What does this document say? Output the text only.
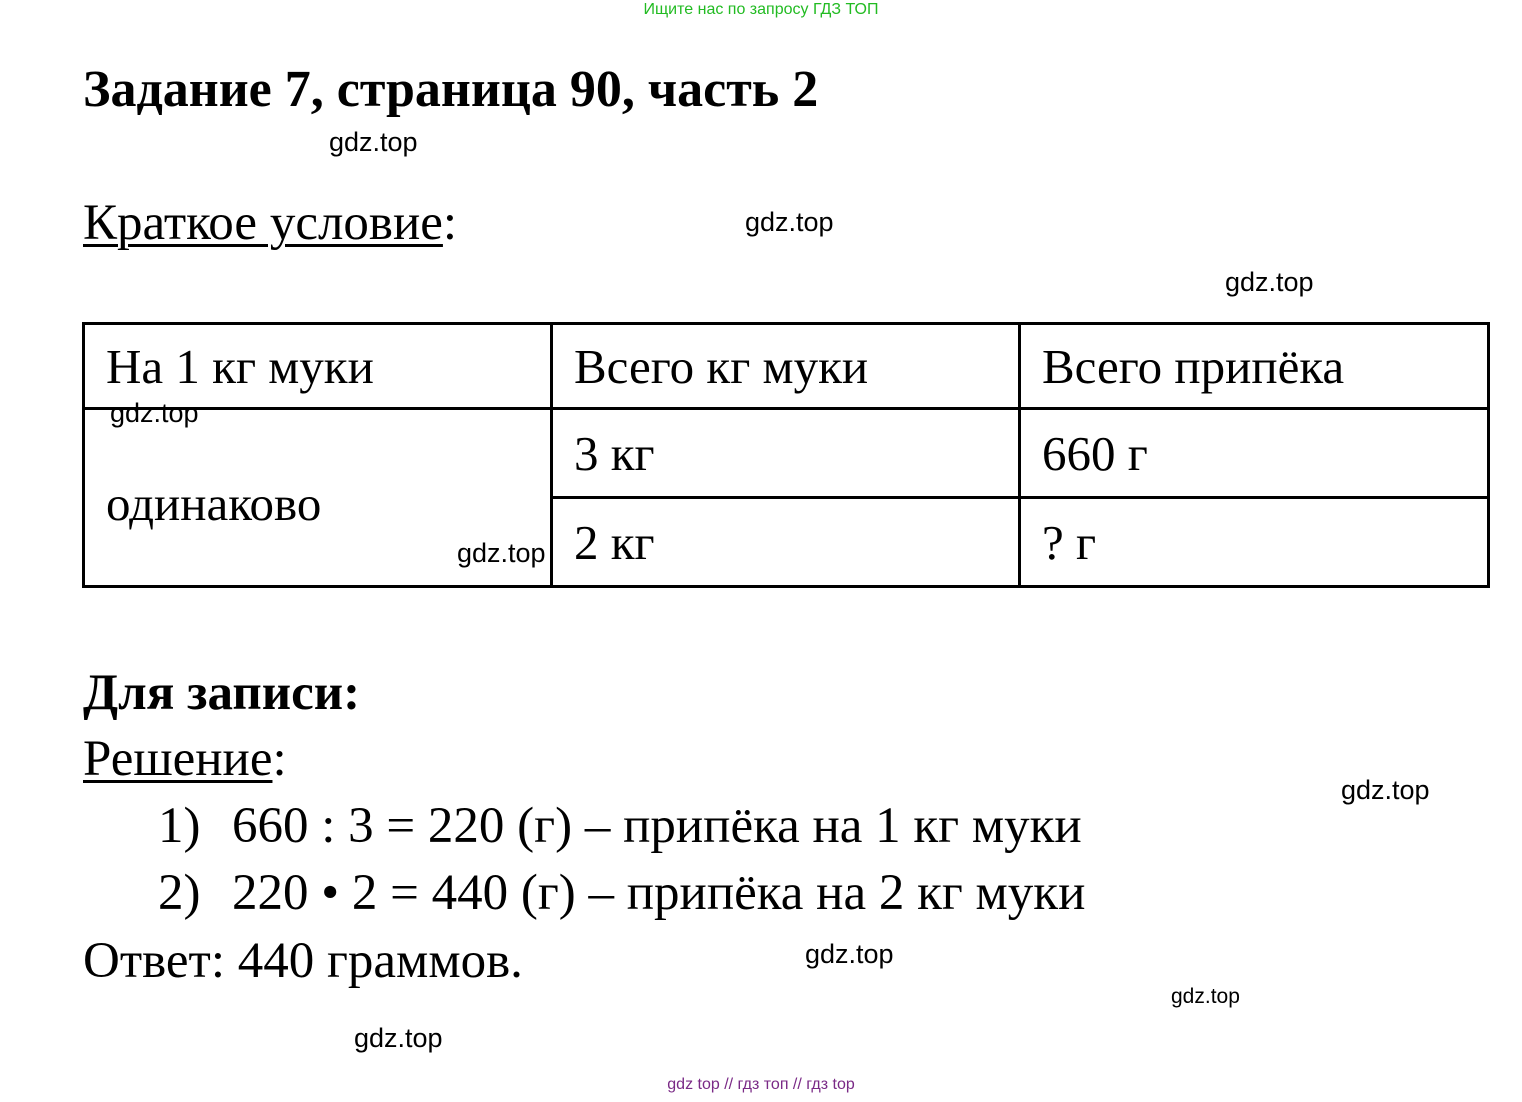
Ищите нас по запросу ГДЗ ТОП
Задание 7, страница 90, часть 2
gdz.top
Краткое условие:	gdz.top
gdz.top
На 1 кг муки	Всего кг муки	Всего припёка
одинаково	3 кг	660 г
	2 кг	? г
gdz.top
gdz.top
Для записи:
Решение:
gdz.top
1) 660 : 3 = 220 (г) – припёка на 1 кг муки
2) 220 • 2 = 440 (г) – припёка на 2 кг муки
Ответ: 440 граммов.	gdz.top
gdz.top
gdz.top
gdz top // гдз топ // гдз top
